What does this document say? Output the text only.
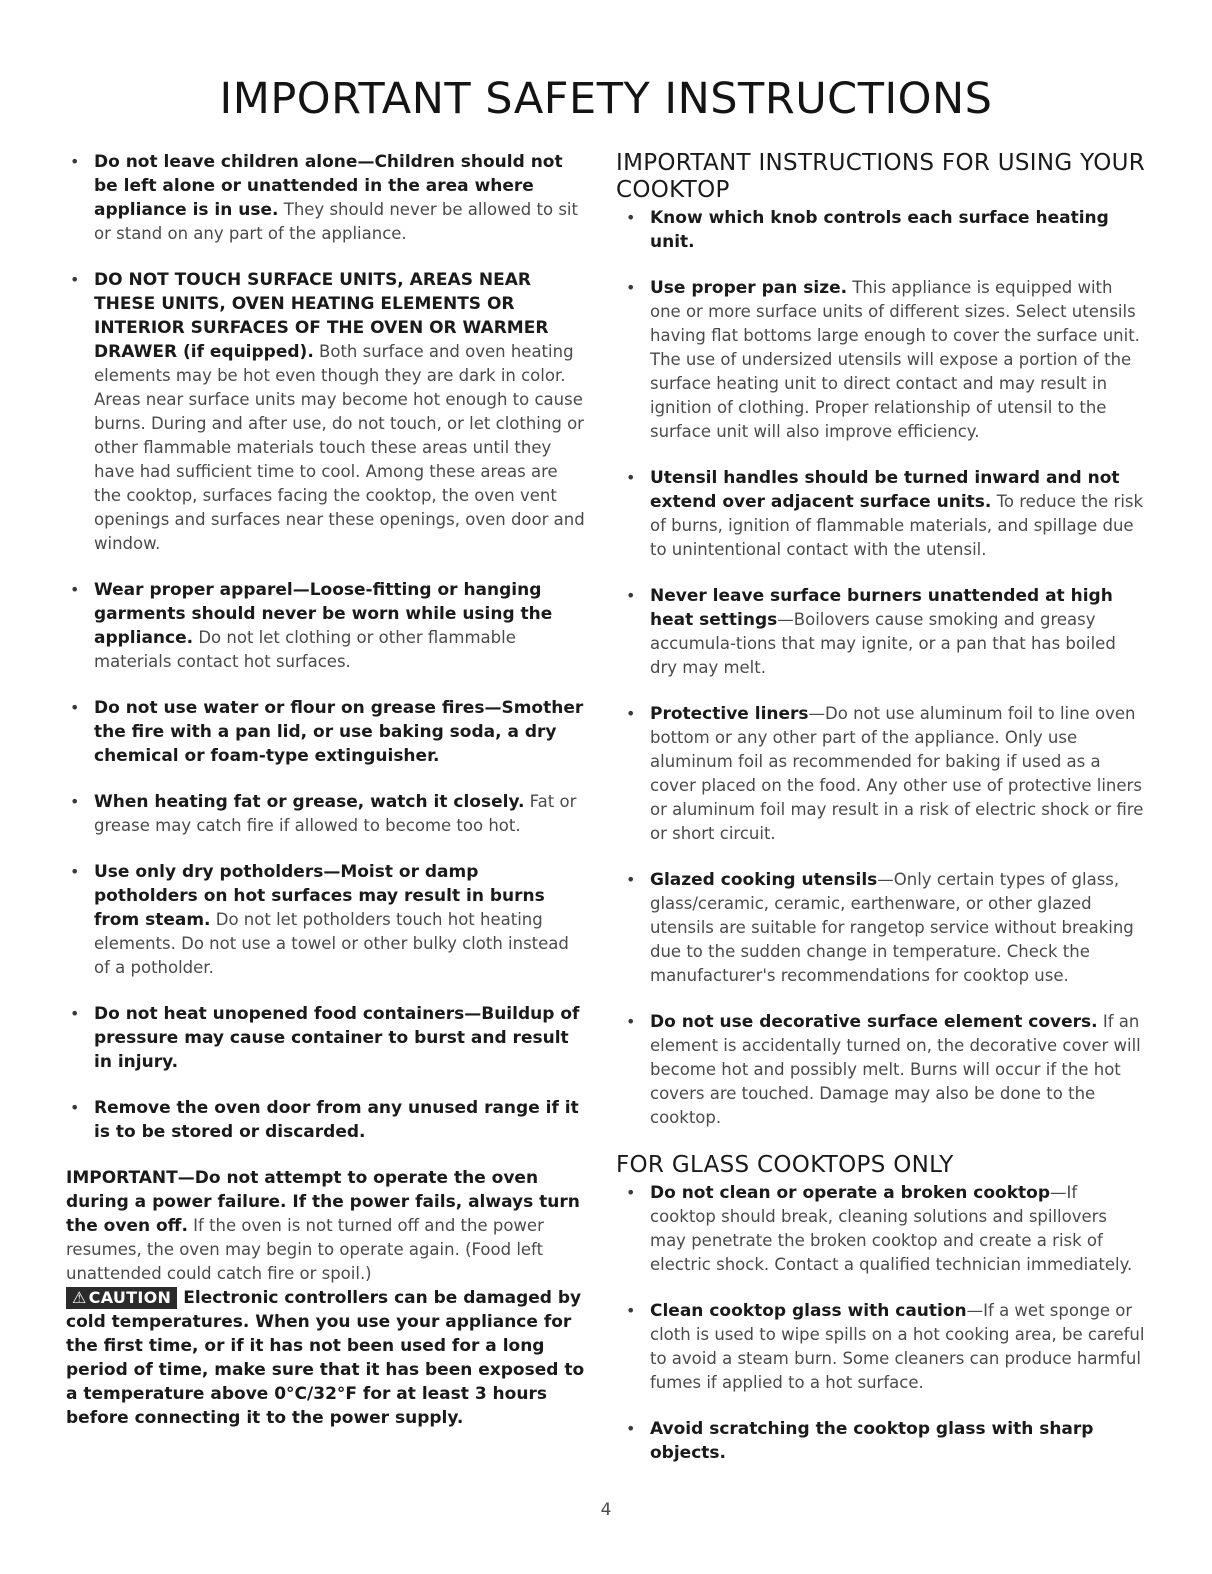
IMPORTANT SAFETY INSTRUCTIONS
• Do not leave children alone—Children should not be left alone or unattended in the area where appliance is in use. They should never be allowed to sit or stand on any part of the appliance.
• DO NOT TOUCH SURFACE UNITS, AREAS NEAR THESE UNITS, OVEN HEATING ELEMENTS OR INTERIOR SURFACES OF THE OVEN OR WARMER DRAWER (if equipped). Both surface and oven heating elements may be hot even though they are dark in color. Areas near surface units may become hot enough to cause burns. During and after use, do not touch, or let clothing or other flammable materials touch these areas until they have had sufficient time to cool. Among these areas are the cooktop, surfaces facing the cooktop, the oven vent openings and surfaces near these openings, oven door and window.
• Wear proper apparel—Loose-fitting or hanging garments should never be worn while using the appliance. Do not let clothing or other flammable materials contact hot surfaces.
• Do not use water or flour on grease fires—Smother the fire with a pan lid, or use baking soda, a dry chemical or foam-type extinguisher.
• When heating fat or grease, watch it closely. Fat or grease may catch fire if allowed to become too hot.
• Use only dry potholders—Moist or damp potholders on hot surfaces may result in burns from steam. Do not let potholders touch hot heating elements. Do not use a towel or other bulky cloth instead of a potholder.
• Do not heat unopened food containers—Buildup of pressure may cause container to burst and result in injury.
• Remove the oven door from any unused range if it is to be stored or discarded.

IMPORTANT—Do not attempt to operate the oven during a power failure. If the power fails, always turn the oven off. If the oven is not turned off and the power resumes, the oven may begin to operate again. (Food left unattended could catch fire or spoil.)

⚠ CAUTION Electronic controllers can be damaged by cold temperatures. When you use your appliance for the first time, or if it has not been used for a long period of time, make sure that it has been exposed to a temperature above 0°C/32°F for at least 3 hours before connecting it to the power supply.

IMPORTANT INSTRUCTIONS FOR USING YOUR COOKTOP
• Know which knob controls each surface heating unit.
• Use proper pan size. This appliance is equipped with one or more surface units of different sizes. Select utensils having flat bottoms large enough to cover the surface unit. The use of undersized utensils will expose a portion of the surface heating unit to direct contact and may result in ignition of clothing. Proper relationship of utensil to the surface unit will also improve efficiency.
• Utensil handles should be turned inward and not extend over adjacent surface units. To reduce the risk of burns, ignition of flammable materials, and spillage due to unintentional contact with the utensil.
• Never leave surface burners unattended at high heat settings—Boilovers cause smoking and greasy accumula-tions that may ignite, or a pan that has boiled dry may melt.
• Protective liners—Do not use aluminum foil to line oven bottom or any other part of the appliance. Only use aluminum foil as recommended for baking if used as a cover placed on the food. Any other use of protective liners or aluminum foil may result in a risk of electric shock or fire or short circuit.
• Glazed cooking utensils—Only certain types of glass, glass/ceramic, ceramic, earthenware, or other glazed utensils are suitable for rangetop service without breaking due to the sudden change in temperature. Check the manufacturer's recommendations for cooktop use.
• Do not use decorative surface element covers. If an element is accidentally turned on, the decorative cover will become hot and possibly melt. Burns will occur if the hot covers are touched. Damage may also be done to the cooktop.
FOR GLASS COOKTOPS ONLY
• Do not clean or operate a broken cooktop—If cooktop should break, cleaning solutions and spillovers may penetrate the broken cooktop and create a risk of electric shock. Contact a qualified technician immediately.
• Clean cooktop glass with caution—If a wet sponge or cloth is used to wipe spills on a hot cooking area, be careful to avoid a steam burn. Some cleaners can produce harmful fumes if applied to a hot surface.
• Avoid scratching the cooktop glass with sharp objects.
4
